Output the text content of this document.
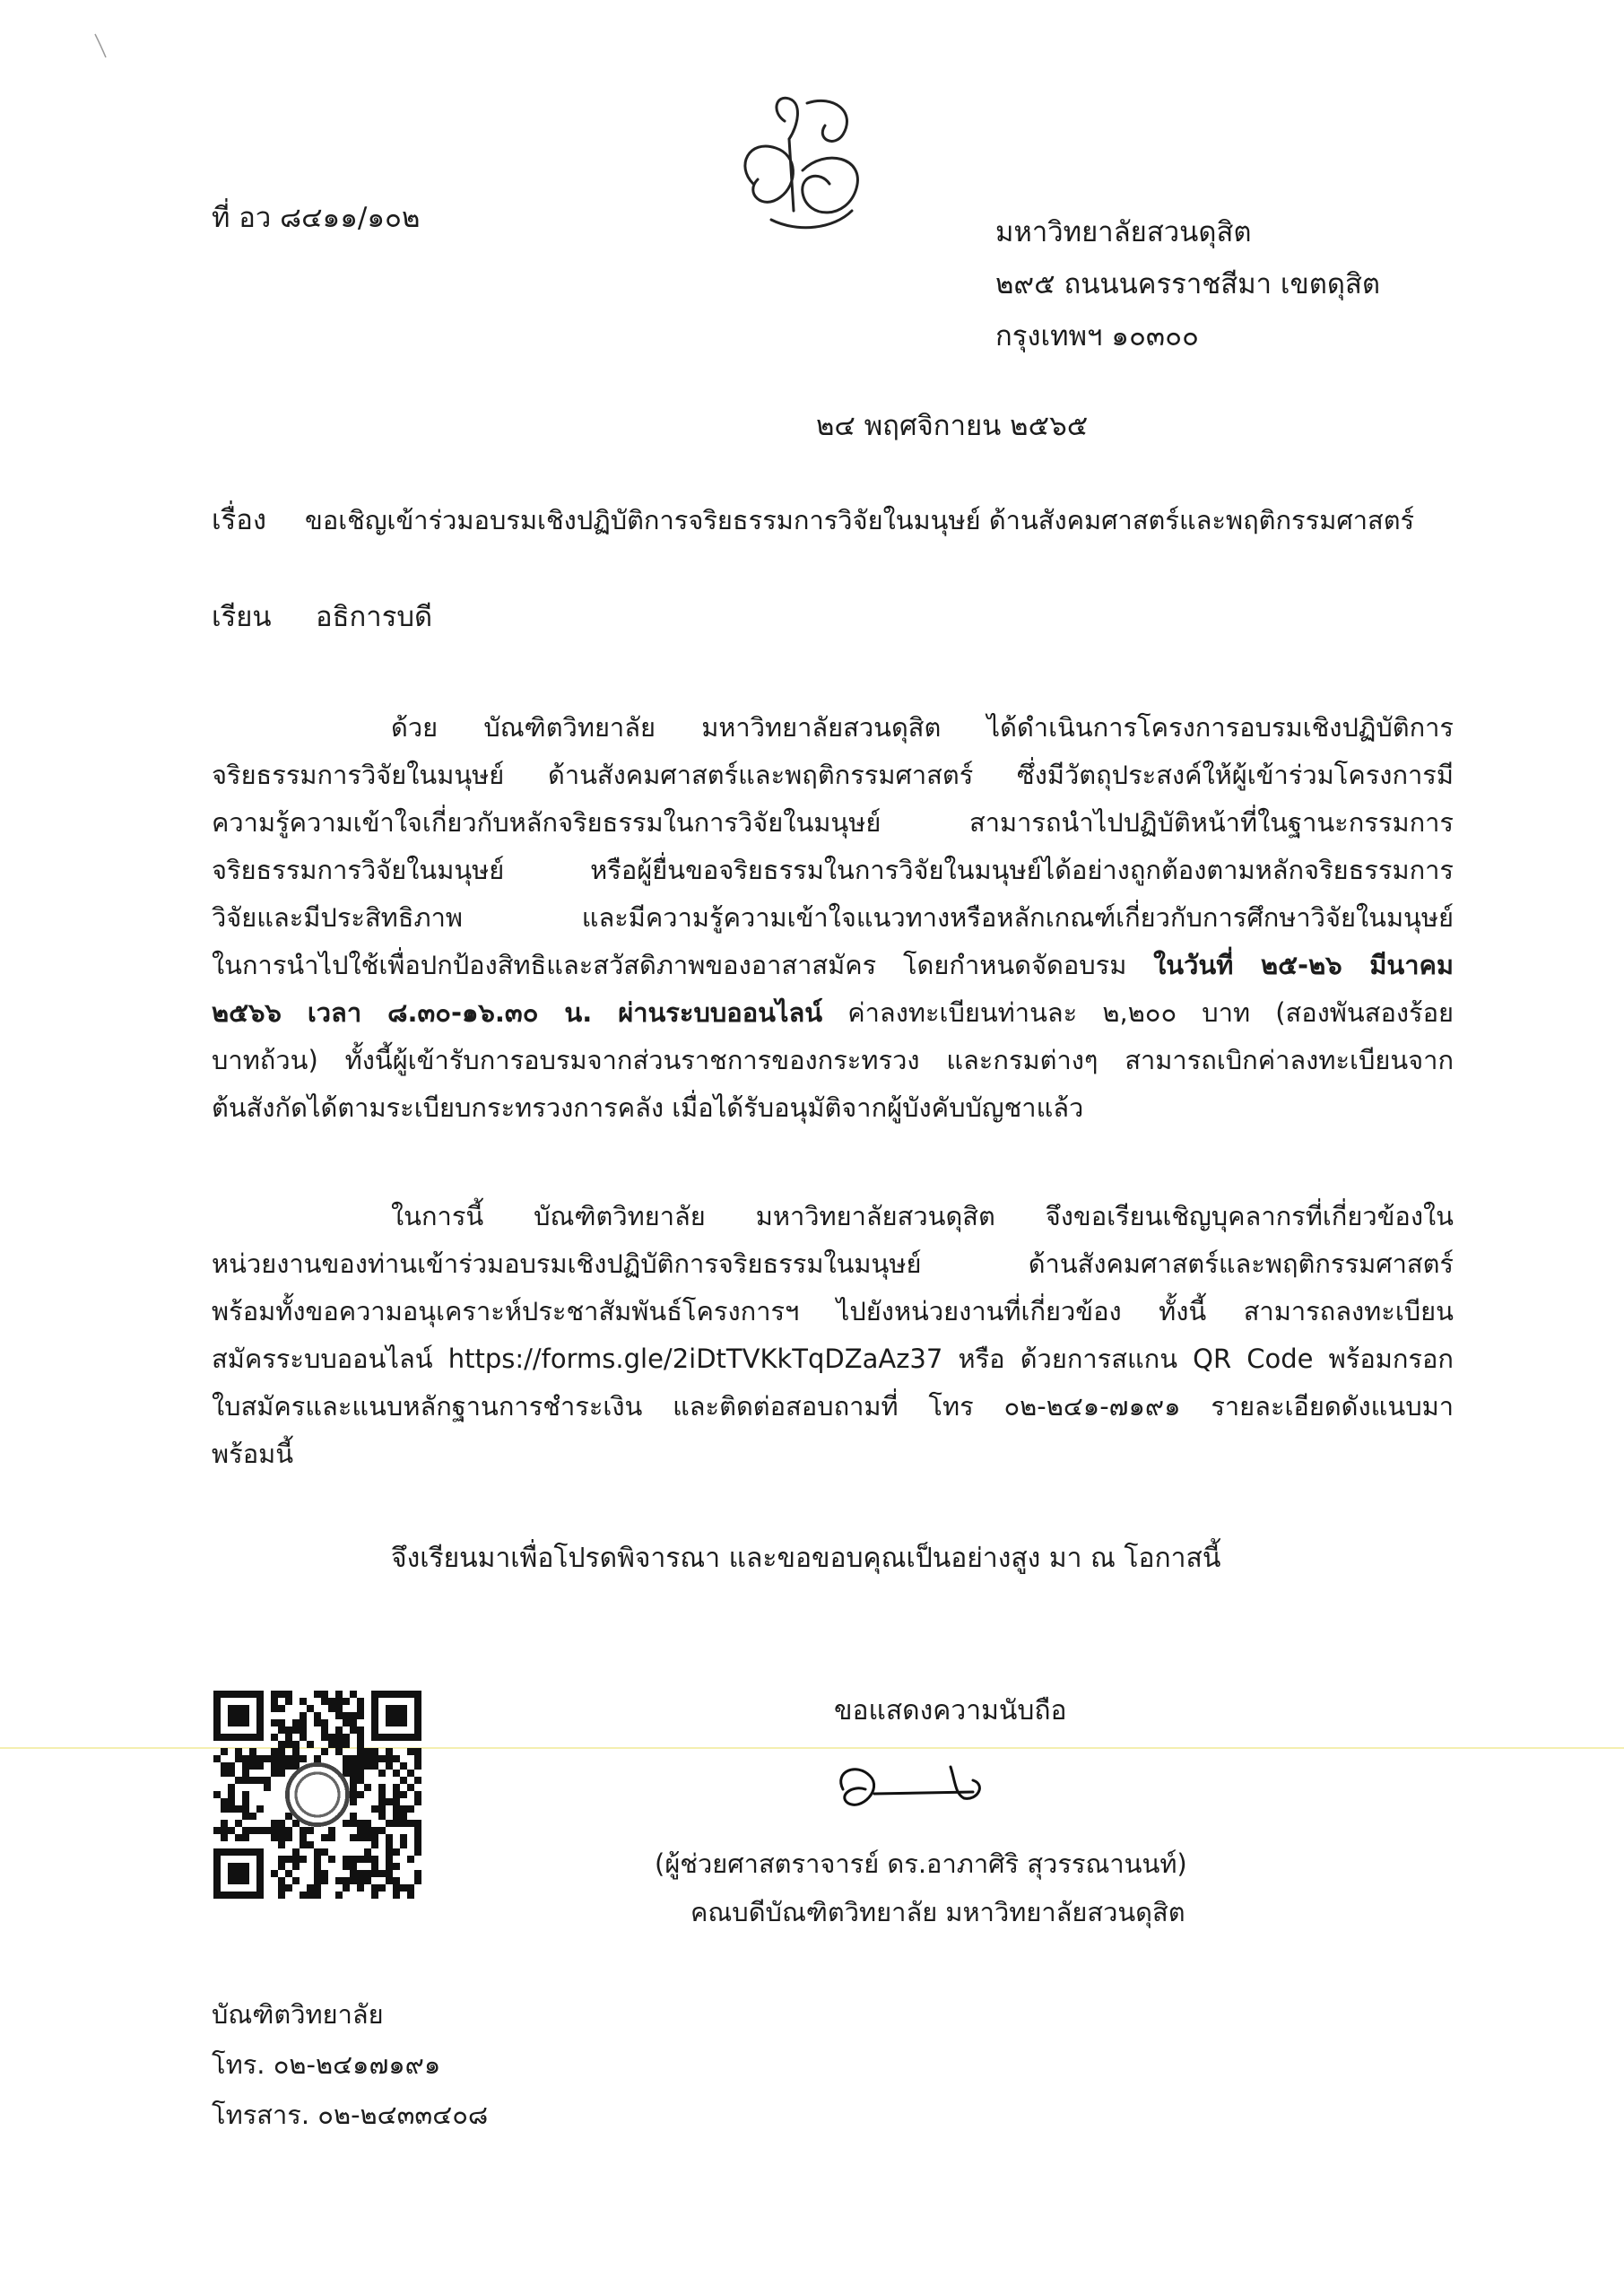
ที่ อว ๘๔๑๑/๑๐๒	มหาวิทยาลัยสวนดุสิต
๒๙๕ ถนนนครราชสีมา เขตดุสิต
กรุงเทพฯ ๑๐๓๐๐
๒๔ พฤศจิกายน ๒๕๖๕
เรื่อง ขอเชิญเข้าร่วมอบรมเชิงปฏิบัติการจริยธรรมการวิจัยในมนุษย์ ด้านสังคมศาสตร์และพฤติกรรมศาสตร์
เรียน อธิการบดี
ด้วย บัณฑิตวิทยาลัย มหาวิทยาลัยสวนดุสิต ได้ดำเนินการโครงการอบรมเชิงปฏิบัติการ
จริยธรรมการวิจัยในมนุษย์ ด้านสังคมศาสตร์และพฤติกรรมศาสตร์ ซึ่งมีวัตถุประสงค์ให้ผู้เข้าร่วมโครงการมี
ความรู้ความเข้าใจเกี่ยวกับหลักจริยธรรมในการวิจัยในมนุษย์ สามารถนำไปปฏิบัติหน้าที่ในฐานะกรรมการ
จริยธรรมการวิจัยในมนุษย์ หรือผู้ยื่นขอจริยธรรมในการวิจัยในมนุษย์ได้อย่างถูกต้องตามหลักจริยธรรมการ
วิจัยและมีประสิทธิภาพ และมีความรู้ความเข้าใจแนวทางหรือหลักเกณฑ์เกี่ยวกับการศึกษาวิจัยในมนุษย์
ในการนำไปใช้เพื่อปกป้องสิทธิและสวัสดิภาพของอาสาสมัคร โดยกำหนดจัดอบรม ในวันที่ ๒๕-๒๖ มีนาคม
๒๕๖๖ เวลา ๘.๓๐-๑๖.๓๐ น. ผ่านระบบออนไลน์ ค่าลงทะเบียนท่านละ ๒,๒๐๐ บาท (สองพันสองร้อย
บาทถ้วน) ทั้งนี้ผู้เข้ารับการอบรมจากส่วนราชการของกระทรวง และกรมต่างๆ สามารถเบิกค่าลงทะเบียนจาก
ต้นสังกัดได้ตามระเบียบกระทรวงการคลัง เมื่อได้รับอนุมัติจากผู้บังคับบัญชาแล้ว
ในการนี้ บัณฑิตวิทยาลัย มหาวิทยาลัยสวนดุสิต จึงขอเรียนเชิญบุคลากรที่เกี่ยวข้องใน
หน่วยงานของท่านเข้าร่วมอบรมเชิงปฏิบัติการจริยธรรมในมนุษย์ ด้านสังคมศาสตร์และพฤติกรรมศาสตร์
พร้อมทั้งขอความอนุเคราะห์ประชาสัมพันธ์โครงการฯ ไปยังหน่วยงานที่เกี่ยวข้อง ทั้งนี้ สามารถลงทะเบียน
สมัครระบบออนไลน์ https://forms.gle/2iDtTVKkTqDZaAz37 หรือ ด้วยการสแกน QR Code พร้อมกรอก
ใบสมัครและแนบหลักฐานการชำระเงิน และติดต่อสอบถามที่ โทร ๐๒-๒๔๑-๗๑๙๑ รายละเอียดดังแนบมา
พร้อมนี้
จึงเรียนมาเพื่อโปรดพิจารณา และขอขอบคุณเป็นอย่างสูง มา ณ โอกาสนี้
ขอแสดงความนับถือ
(ผู้ช่วยศาสตราจารย์ ดร.อาภาศิริ สุวรรณานนท์)
คณบดีบัณฑิตวิทยาลัย มหาวิทยาลัยสวนดุสิต
บัณฑิตวิทยาลัย
โทร. ๐๒-๒๔๑๗๑๙๑
โทรสาร. ๐๒-๒๔๓๓๔๐๘
